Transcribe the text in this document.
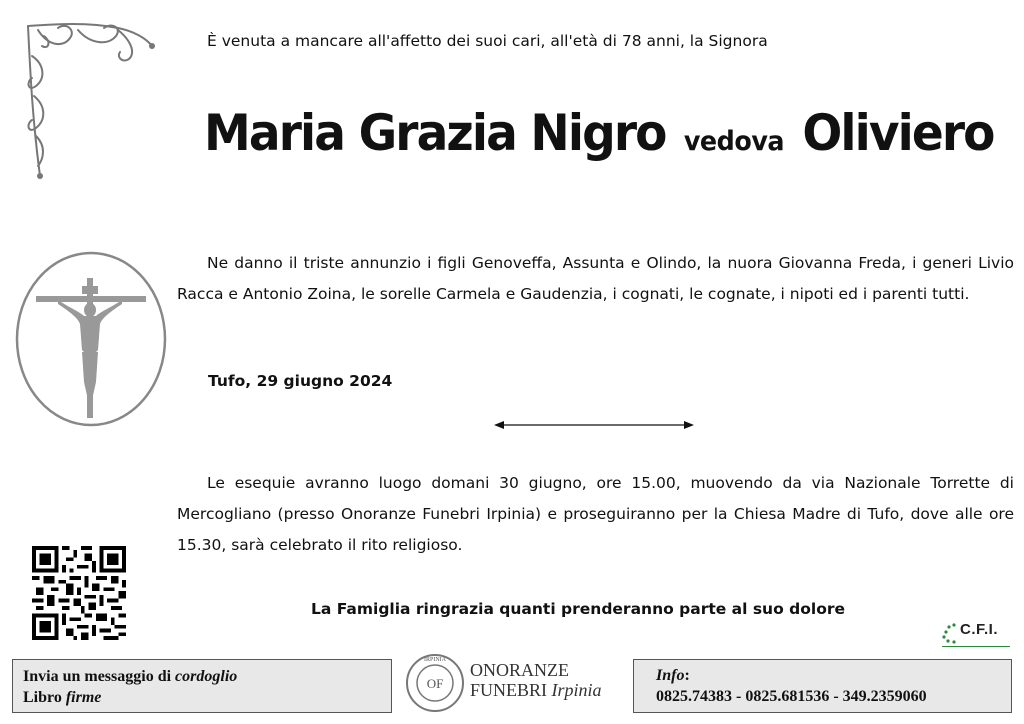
È venuta a mancare all'affetto dei suoi cari, all'età di 78 anni, la Signora
Maria Grazia Nigro vedova Oliviero
Ne danno il triste annunzio i figli Genoveffa, Assunta e Olindo, la nuora Giovanna Freda, i generi Livio Racca e Antonio Zoina, le sorelle Carmela e Gaudenzia, i cognati, le cognate, i nipoti ed i parenti tutti.
Tufo, 29 giugno 2024
Le esequie avranno luogo domani 30 giugno, ore 15.00, muovendo da via Nazionale Torrette di Mercogliano (presso Onoranze Funebri Irpinia) e proseguiranno per la Chiesa Madre di Tufo, dove alle ore 15.30, sarà celebrato il rito religioso.
La Famiglia ringrazia quanti prenderanno parte al suo dolore
C.F.I.
Invia un messaggio di cordoglio
Libro firme
IRPINIA
OF
ONORANZE
FUNEBRI Irpinia
Info:
0825.74383 - 0825.681536 - 349.2359060
